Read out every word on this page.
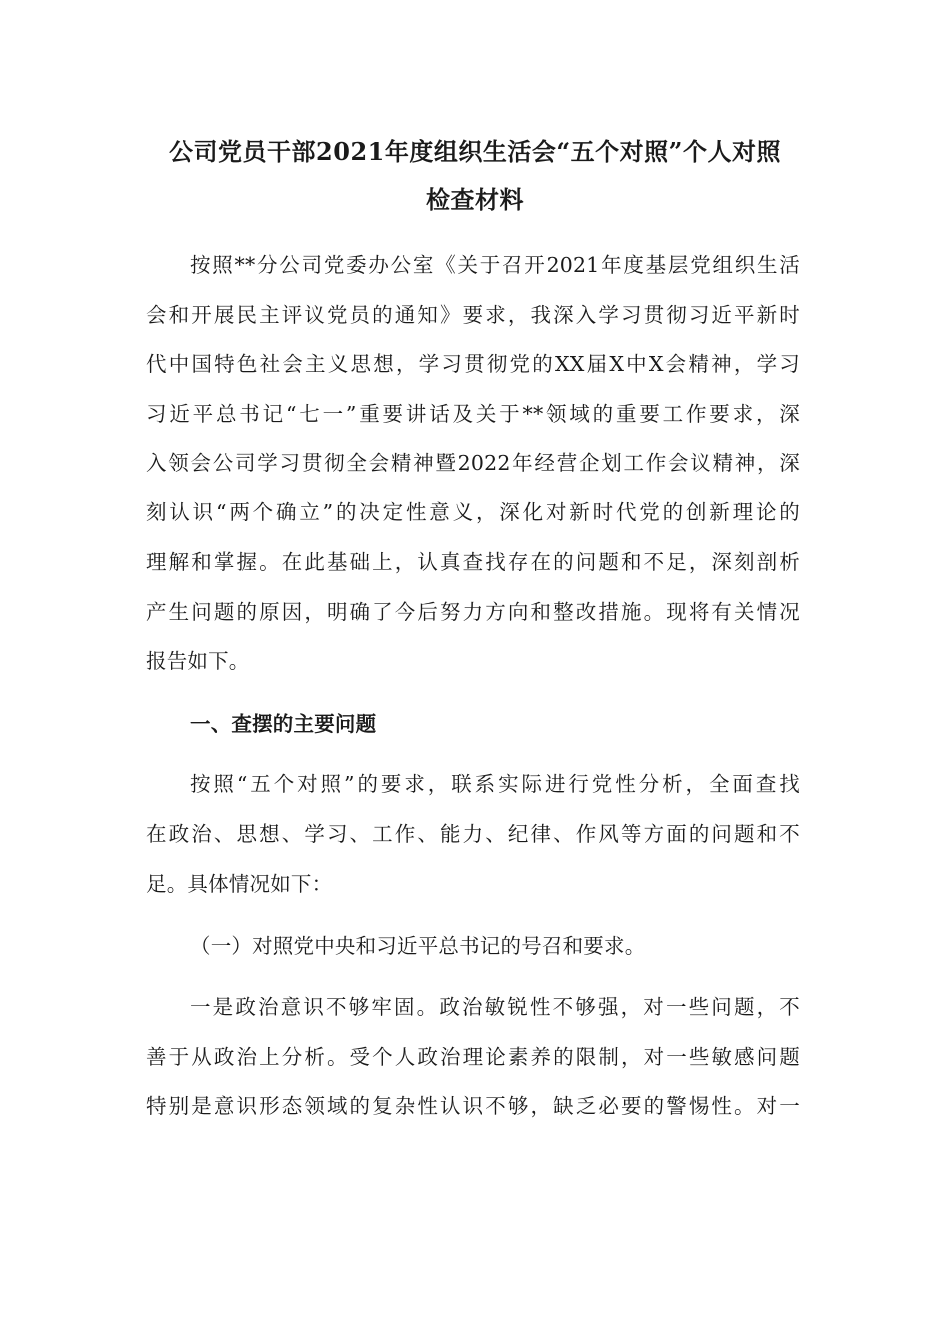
公司党员干部2021年度组织生活会“五个对照”个人对照
检查材料
按照**分公司党委办公室《关于召开2021年度基层党组织生活
会和开展民主评议党员的通知》要求，我深入学习贯彻习近平新时
代中国特色社会主义思想，学习贯彻党的XX届X中X会精神，学习
习近平总书记“七一”重要讲话及关于**领域的重要工作要求，深
入领会公司学习贯彻全会精神暨2022年经营企划工作会议精神，深
刻认识“两个确立”的决定性意义，深化对新时代党的创新理论的
理解和掌握。在此基础上，认真查找存在的问题和不足，深刻剖析
产生问题的原因，明确了今后努力方向和整改措施。现将有关情况
报告如下。
一、查摆的主要问题
按照“五个对照”的要求，联系实际进行党性分析，全面查找
在政治、思想、学习、工作、能力、纪律、作风等方面的问题和不
足。具体情况如下：
（一）对照党中央和习近平总书记的号召和要求。
一是政治意识不够牢固。政治敏锐性不够强，对一些问题，不
善于从政治上分析。受个人政治理论素养的限制，对一些敏感问题
特别是意识形态领域的复杂性认识不够，缺乏必要的警惕性。对一
